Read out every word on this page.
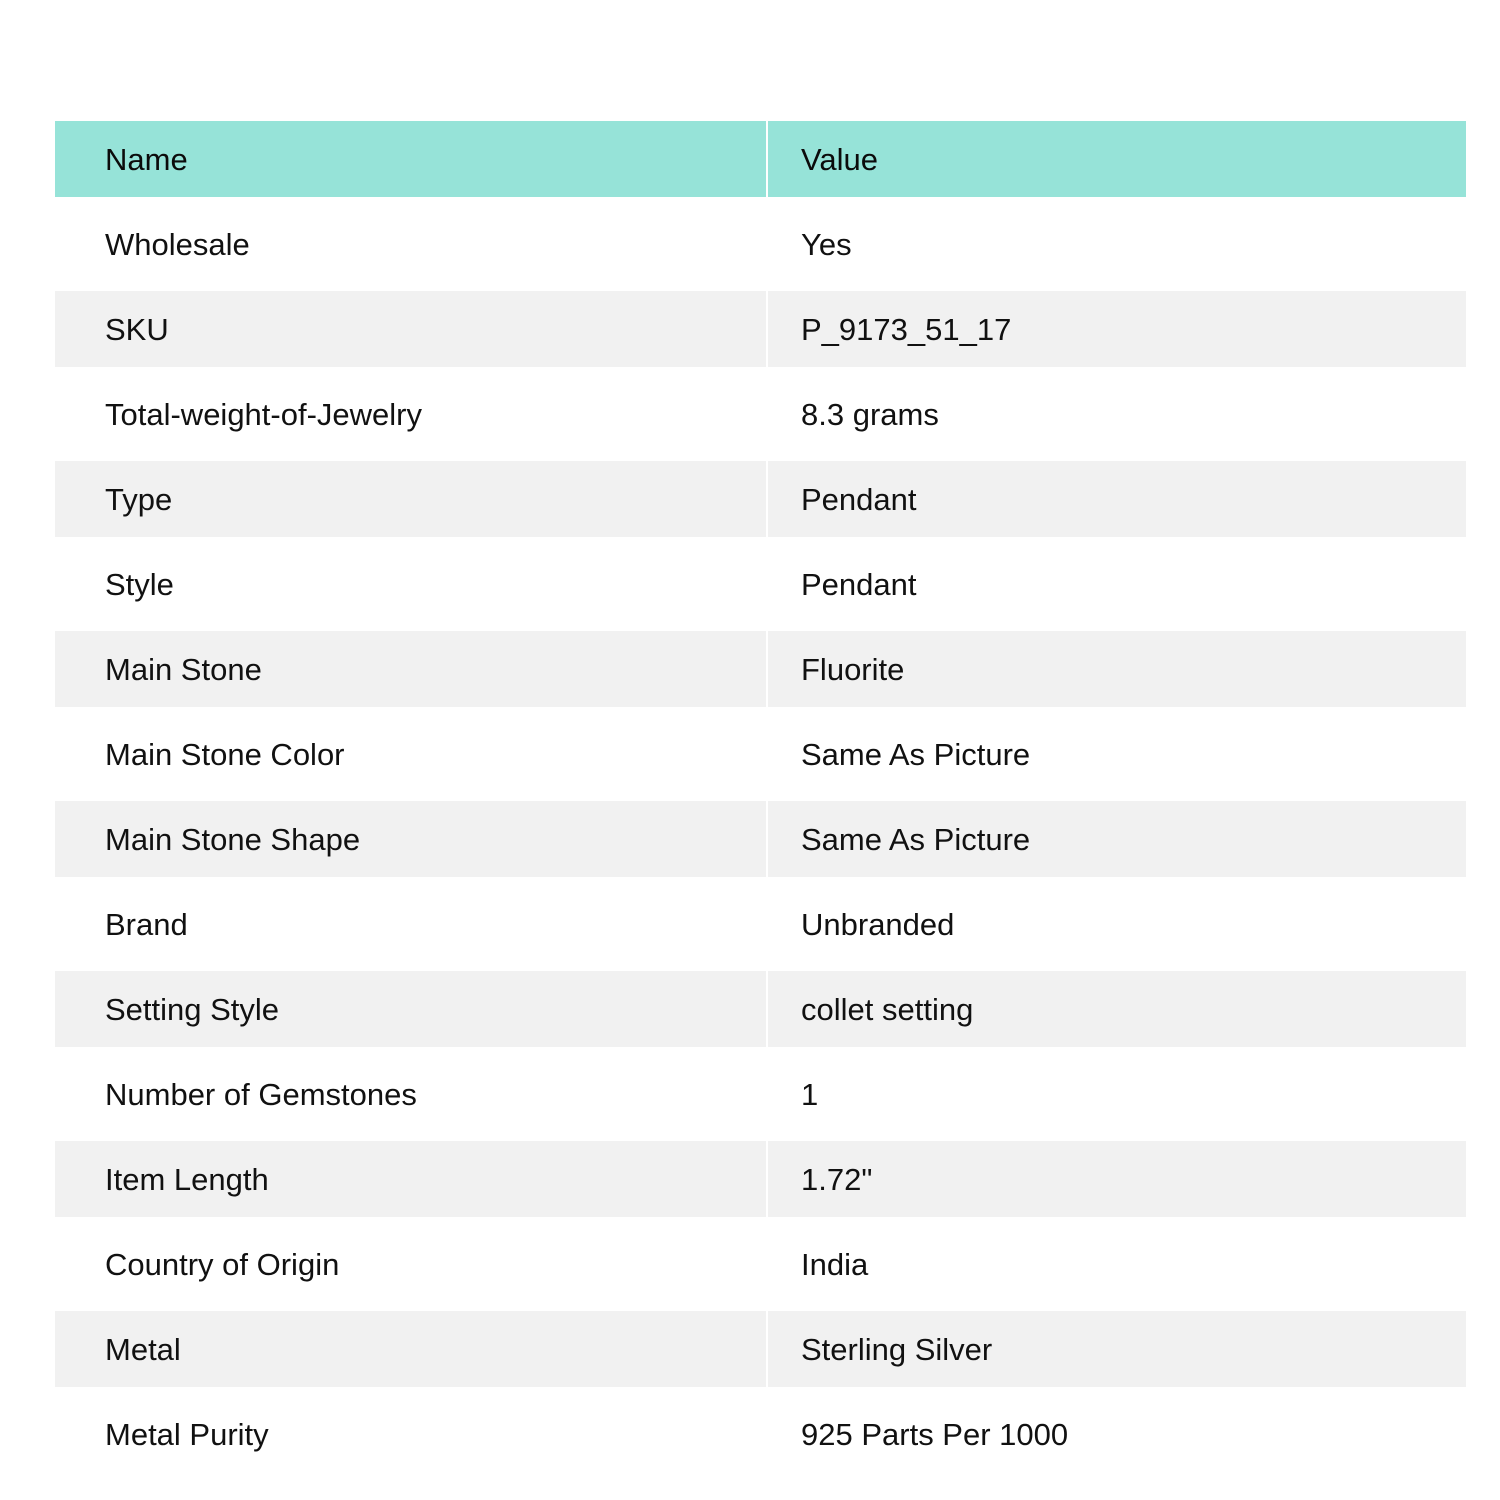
Name	Value
Wholesale	Yes
SKU	P_9173_51_17
Total-weight-of-Jewelry	8.3 grams
Type	Pendant
Style	Pendant
Main Stone	Fluorite
Main Stone Color	Same As Picture
Main Stone Shape	Same As Picture
Brand	Unbranded
Setting Style	collet setting
Number of Gemstones	1
Item Length	1.72"
Country of Origin	India
Metal	Sterling Silver
Metal Purity	925 Parts Per 1000
